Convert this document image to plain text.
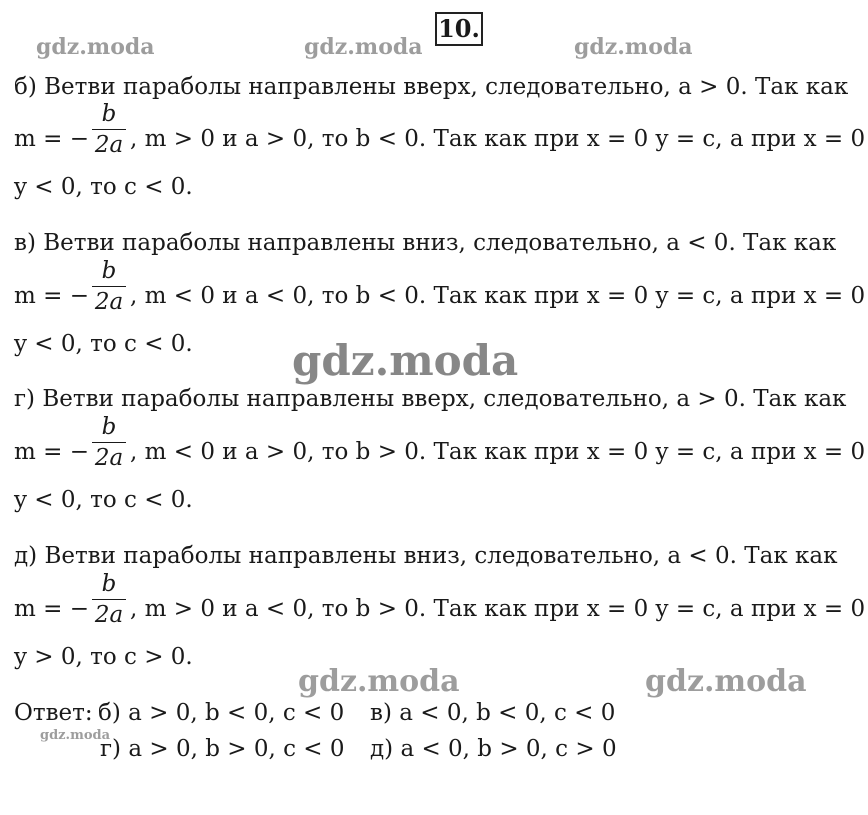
10.
gdz.moda	gdz.moda	gdz.moda
gdz.moda
gdz.moda	gdz.moda
gdz.moda
б) Ветви параболы направлены вверх, следовательно, a > 0. Так как
m = −
b
2a , m > 0 и a > 0, то b < 0. Так как при x = 0 y = c, а при x = 0
y < 0, то c < 0.
в) Ветви параболы направлены вниз, следовательно, a < 0. Так как
m = −
b
2a , m < 0 и a < 0, то b < 0. Так как при x = 0 y = c, а при x = 0
y < 0, то c < 0.
г) Ветви параболы направлены вверх, следовательно, a > 0. Так как
m = −
b
2a , m < 0 и a > 0, то b > 0. Так как при x = 0 y = c, а при x = 0
y < 0, то c < 0.
д) Ветви параболы направлены вниз, следовательно, a < 0. Так как
m = −
b
2a , m > 0 и a < 0, то b > 0. Так как при x = 0 y = c, а при x = 0
y > 0, то c > 0.
Ответ: б) a > 0, b < 0, c < 0 в) a < 0, b < 0, c < 0
г) a > 0, b > 0, c < 0 д) a < 0, b > 0, c > 0
